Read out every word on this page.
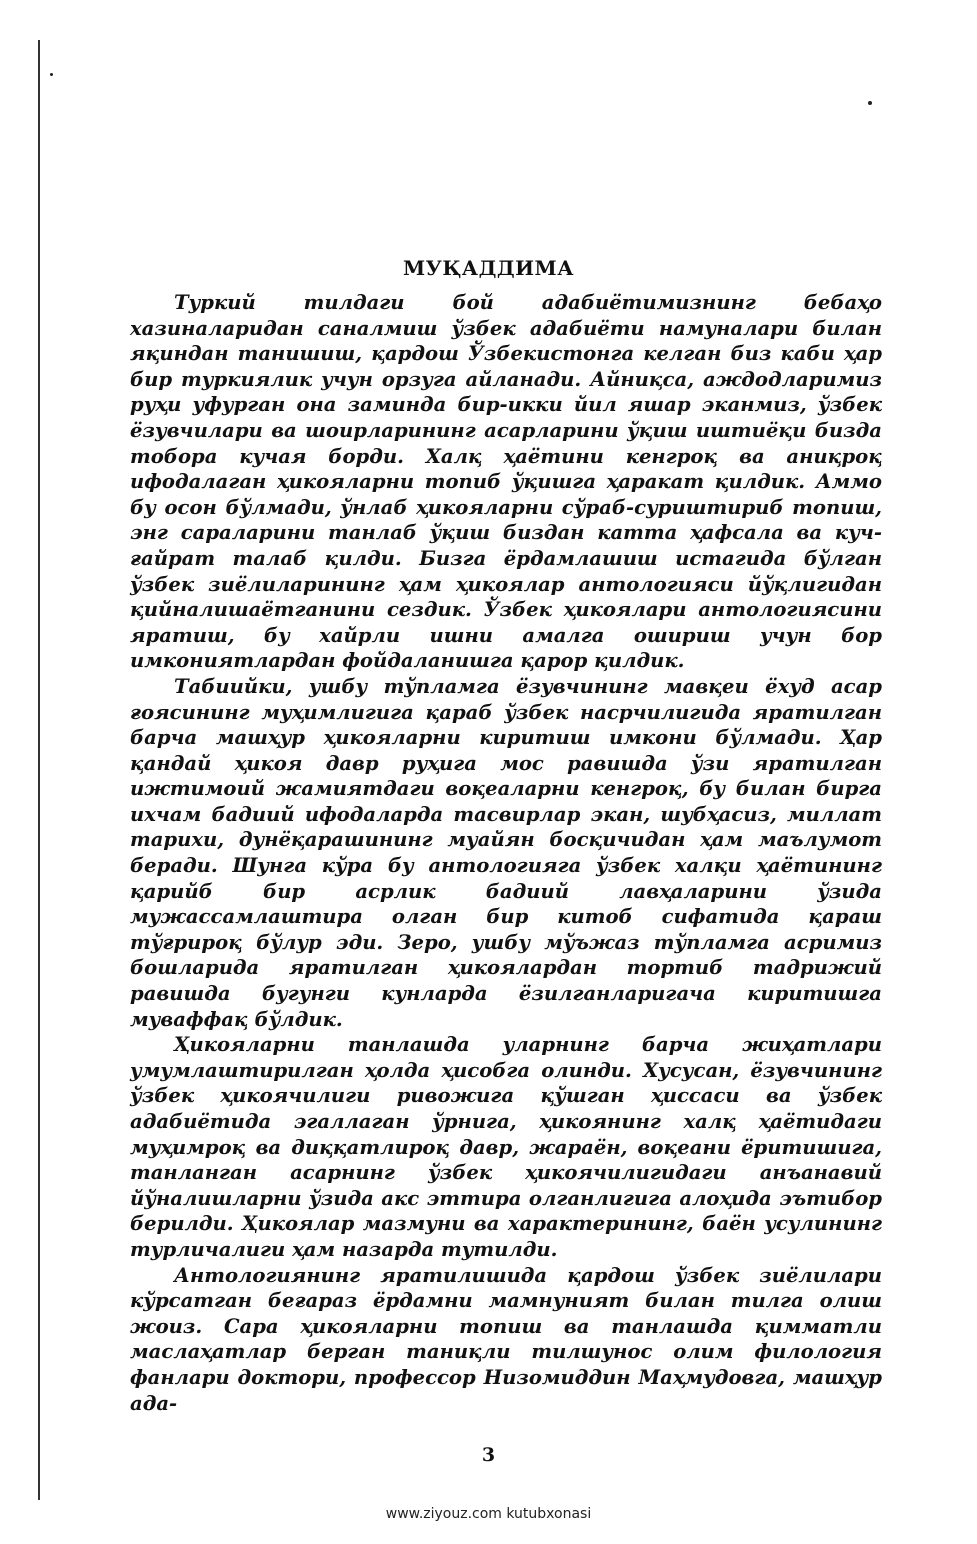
МУҚАДДИМА

Туркий тилдаги бой адабиётимизнинг бебаҳо хазиналаридан саналмиш ўзбек адабиёти намуналари билан яқиндан танишиш, қардош Ўзбекистонга келган биз каби ҳар бир туркиялик учун орзуга айланади. Айниқса, аждодларимиз руҳи уфурган она заминда бир-икки йил яшар эканмиз, ўзбек ёзувчилари ва шоирларининг асарларини ўқиш иштиёқи бизда тобора кучая борди. Халқ ҳаётини кенгроқ ва аниқроқ ифодалаган ҳикояларни топиб ўқишга ҳаракат қилдик. Аммо бу осон бўлмади, ўнлаб ҳикояларни сўраб-суриштириб топиш, энг сараларини танлаб ўқиш биздан катта ҳафсала ва куч-ғайрат талаб қилди. Бизга ёрдамлашиш истагида бўлган ўзбек зиёлиларининг ҳам ҳикоялар антологияси йўқлигидан қийналишаётганини сездик. Ўзбек ҳикоялари антологиясини яратиш, бу хайрли ишни амалга ошириш учун бор имкониятлардан фойдаланишга қарор қилдик.

Табиийки, ушбу тўпламга ёзувчининг мавқеи ёхуд асар ғоясининг муҳимлигига қараб ўзбек насрчилигида яратилган барча машҳур ҳикояларни киритиш имкони бўлмади. Ҳар қандай ҳикоя давр руҳига мос равишда ўзи яратилган ижтимоий жамиятдаги воқеаларни кенгроқ, бу билан бирга ихчам бадиий ифодаларда тасвирлар экан, шубҳасиз, миллат тарихи, дунёқарашининг муайян босқичидан ҳам маълумот беради. Шунга кўра бу антологияга ўзбек халқи ҳаётининг қарийб бир асрлик бадиий лавҳаларини ўзида мужассамлаштира олган бир китоб сифатида қараш тўғрироқ бўлур эди. Зеро, ушбу мўъжаз тўпламга асримиз бошларида яратилган ҳикоялардан тортиб тадрижий равишда бугунги кунларда ёзилганларигача киритишга муваффақ бўлдик.

Ҳикояларни танлашда уларнинг барча жиҳатлари умумлаштирилган ҳолда ҳисобга олинди. Хусусан, ёзувчининг ўзбек ҳикоячилиги ривожига қўшган ҳиссаси ва ўзбек адабиётида эгаллаган ўрнига, ҳикоянинг халқ ҳаётидаги муҳимроқ ва диққатлироқ давр, жараён, воқеани ёритишига, танланган асарнинг ўзбек ҳикоячилигидаги анъанавий йўналишларни ўзида акс эттира олганлигига алоҳида эътибор берилди. Ҳикоялар мазмуни ва характерининг, баён усулининг турличалиги ҳам назарда тутилди.

Антологиянинг яратилишида қардош ўзбек зиёлилари кўрсатган беғараз ёрдамни мамнуният билан тилга олиш жоиз. Сара ҳикояларни топиш ва танлашда қимматли маслаҳатлар берган таниқли тилшунос олим филология фанлари доктори, профессор Низомиддин Маҳмудовга, машҳур ада-

3
www.ziyouz.com kutubxonasi
